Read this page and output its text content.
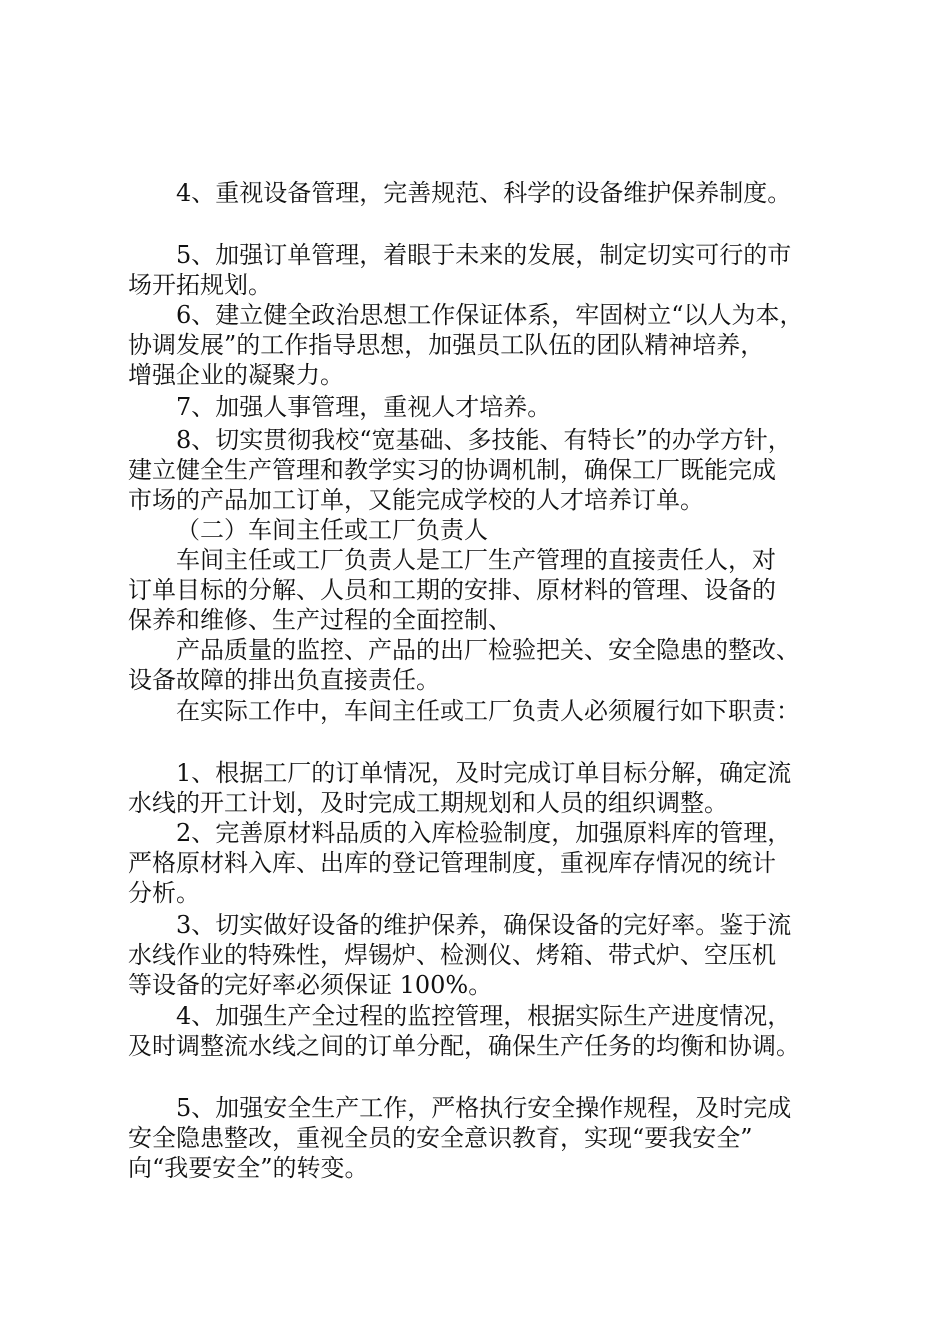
4、重视设备管理，完善规范、科学的设备维护保养制度。
5、加强订单管理，着眼于未来的发展，制定切实可行的市
场开拓规划。
6、建立健全政治思想工作保证体系，牢固树立“以人为本，
协调发展”的工作指导思想，加强员工队伍的团队精神培养，
增强企业的凝聚力。
7、加强人事管理，重视人才培养。
8、切实贯彻我校“宽基础、多技能、有特长”的办学方针，
建立健全生产管理和教学实习的协调机制，确保工厂既能完成
市场的产品加工订单，又能完成学校的人才培养订单。
（二）车间主任或工厂负责人
车间主任或工厂负责人是工厂生产管理的直接责任人，对
订单目标的分解、人员和工期的安排、原材料的管理、设备的
保养和维修、生产过程的全面控制、
产品质量的监控、产品的出厂检验把关、安全隐患的整改、
设备故障的排出负直接责任。
在实际工作中，车间主任或工厂负责人必须履行如下职责：
1、根据工厂的订单情况，及时完成订单目标分解，确定流
水线的开工计划，及时完成工期规划和人员的组织调整。
2、完善原材料品质的入库检验制度，加强原料库的管理，
严格原材料入库、出库的登记管理制度，重视库存情况的统计
分析。
3、切实做好设备的维护保养，确保设备的完好率。鉴于流
水线作业的特殊性，焊锡炉、检测仪、烤箱、带式炉、空压机
等设备的完好率必须保证 100%。
4、加强生产全过程的监控管理，根据实际生产进度情况，
及时调整流水线之间的订单分配，确保生产任务的均衡和协调。
5、加强安全生产工作，严格执行安全操作规程，及时完成
安全隐患整改，重视全员的安全意识教育，实现“要我安全”
向“我要安全”的转变。
